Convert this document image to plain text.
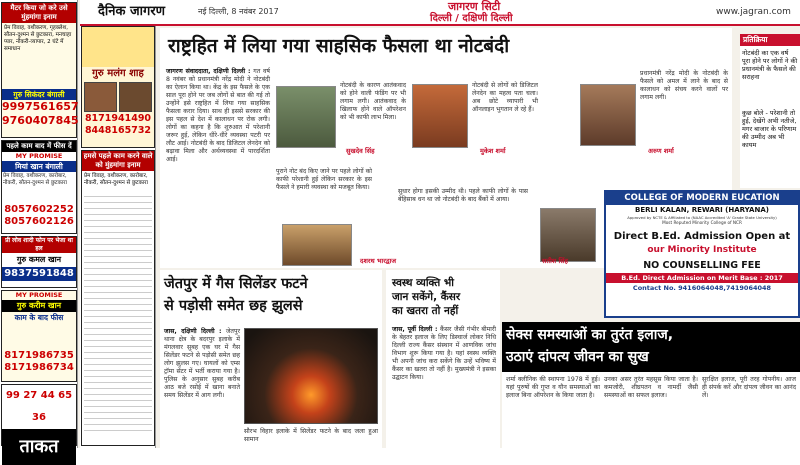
मैटर किया जो करे उसे मुंहमांगा इनाम
प्रेम विवाह, वशीकरण, गृहक्लेश, सौतन-दुश्मन से छुटकारा, मनचाहा प्यार, नौकरी-व्यापार, 2 घंटे में समाधान
गुरु सिकंदर बंगाली
9997561657
9760407845
पहले काम बाद में फीस दें
MY PROMISE
मियां खान बंगाली
प्रेम विवाह, वशीकरण, कारोबार, नौकरी, सौतन-दुश्मन से छुटकारा
8057602252
8057602126
प्री लोव शादी फोन पर भेजा था हल
गुरु कमल खान
9837591848
MY PROMISE
गुरु करीम खान
काम के बाद फीस
8171986735
8171986734
99 27 44 65 36
ताकत
गुरु मलंग शाह
8171941490
8448165732
हमसे पहले काम करने वाले को मुंहमांगा इनाम
प्रेम विवाह, वशीकरण, कारोबार, नौकरी, सौतन-दुश्मन से छुटकारा
दैनिक जागरण	नई दिल्ली, 8 नवंबर 2017	जागरण सिटी
दिल्ली / दक्षिणी दिल्ली
www.jagran.com
राष्ट्रहित में लिया गया साहसिक फैसला था नोटबंदी
जागरण संवाददाता, दक्षिणी दिल्ली : गत वर्ष 8 नवंबर को प्रधानमंत्री नरेंद्र मोदी ने नोटबंदी का ऐलान किया था। केंद्र के इस फैसले के एक साल पूरा होने पर जब लोगों से बात की गई तो उन्होंने इसे राष्ट्रहित में लिया गया साहसिक फैसला करार दिया। साथ ही इससे सरकार की इस पहल से देश में कालाधन पर रोक लगी। लोगों का कहना है कि शुरुआत में परेशानी जरूर हुई, लेकिन धीरे-धीरे व्यवस्था पटरी पर लौट आई। नोटबंदी के बाद डिजिटल लेनदेन को बढ़ावा मिला और अर्थव्यवस्था में पारदर्शिता आई।
नोटबंदी के कारण आतंकवाद को होने वाली फंडिंग पर भी लगाम लगी। आतंकवाद के खिलाफ होने वाले ऑपरेशन को भी काफी लाभ मिला।
सुखदेव सिंह
नोटबंदी से लोगों को डिजिटल लेनदेन का महत्व पता चला। अब छोटे व्यापारी भी ऑनलाइन भुगतान ले रहे हैं।
मुकेश शर्मा
प्रधानमंत्री नरेंद्र मोदी के नोटबंदी के फैसले को अमल में लाने के बाद से कालाधन को संचय करने वालों पर लगाम लगी।
अरुण शर्मा
पुराने नोट बंद किए जाने पर पहले लोगों को काफी परेशानी हुई लेकिन सरकार के इस फैसले ने हमारी व्यवस्था को मजबूत किया।
दशरथ भारद्वाज
सुधार होगा इसकी उम्मीद थी। पहले काफी लोगों के पास बेहिसाब धन था जो नोटबंदी के बाद बैंकों में आया।
सतीश सिंह
प्रतिक्रिया
नोटबंदी का एक वर्ष पूरा होने पर लोगों ने की प्रधानमंत्री के फैसले की सराहना
कुछ बोले - परेशानी तो हुई, देखेंगे अभी नतीजे, मगर बाजार के परिणाम की उम्मीद अब भी कायम
COLLEGE OF MODERN EUCATION
BERLI KALAN, REWARI (HARYANA)
Approved by NCTE & Affiliated to (NAAC Accredited 'A' Grade State University)
Most Reputed Minority College of NCR
Direct B.Ed. Admission Open at
our Minority Institute
NO COUNSELLING FEE
B.Ed. Direct Admission on Merit Base : 2017
Contact No. 9416064048,7419064048
जेतपुर में गैस सिलेंडर फटने
से पड़ोसी समेत छह झुलसे
जास, दक्षिणी दिल्ली : जेतपुर थाना क्षेत्र के बदरपुर इलाके में मंगलवार सुबह एक घर में गैस सिलेंडर फटने से पड़ोसी समेत छह लोग झुलस गए। घायलों को एम्स ट्रॉमा सेंटर में भर्ती कराया गया है। पुलिस के अनुसार सुबह करीब आठ बजे रसोई में खाना बनाते समय सिलेंडर में आग लगी।
सौरभ विहार इलाके में सिलेंडर फटने के बाद जला हुआ सामान
स्वस्थ व्यक्ति भी
जान सकेंगे, कैंसर
का खतरा तो नहीं
जास, पूर्वी दिल्ली : कैंसर जैसी गंभीर बीमारी के बेहतर इलाज के लिए डिस्चार्ज लोकर निधि दिल्ली राज्य कैंसर संस्थान में आणविक जांच विभाग शुरू किया गया है। यहां स्वस्थ व्यक्ति भी अपनी जांच करा सकेंगे कि उन्हें भविष्य में कैंसर का खतरा तो नहीं है। मुख्यमंत्री ने इसका उद्घाटन किया।
सेक्स समस्याओं का तुरंत इलाज,
उठाएं दांपत्य जीवन का सुख
शर्मा क्लीनिक की स्थापना 1978 में हुई। यहां पुरुषों की गुप्त व यौन समस्याओं का इलाज बिना ऑपरेशन के किया जाता है।
उनका असर तुरंत महसूस किया जाता है। कमजोरी, शीघ्रपतन व नामर्दी जैसी समस्याओं का सफल इलाज।
सुरक्षित इलाज, पूरी तरह गोपनीय। आज ही संपर्क करें और दांपत्य जीवन का आनंद लें।
